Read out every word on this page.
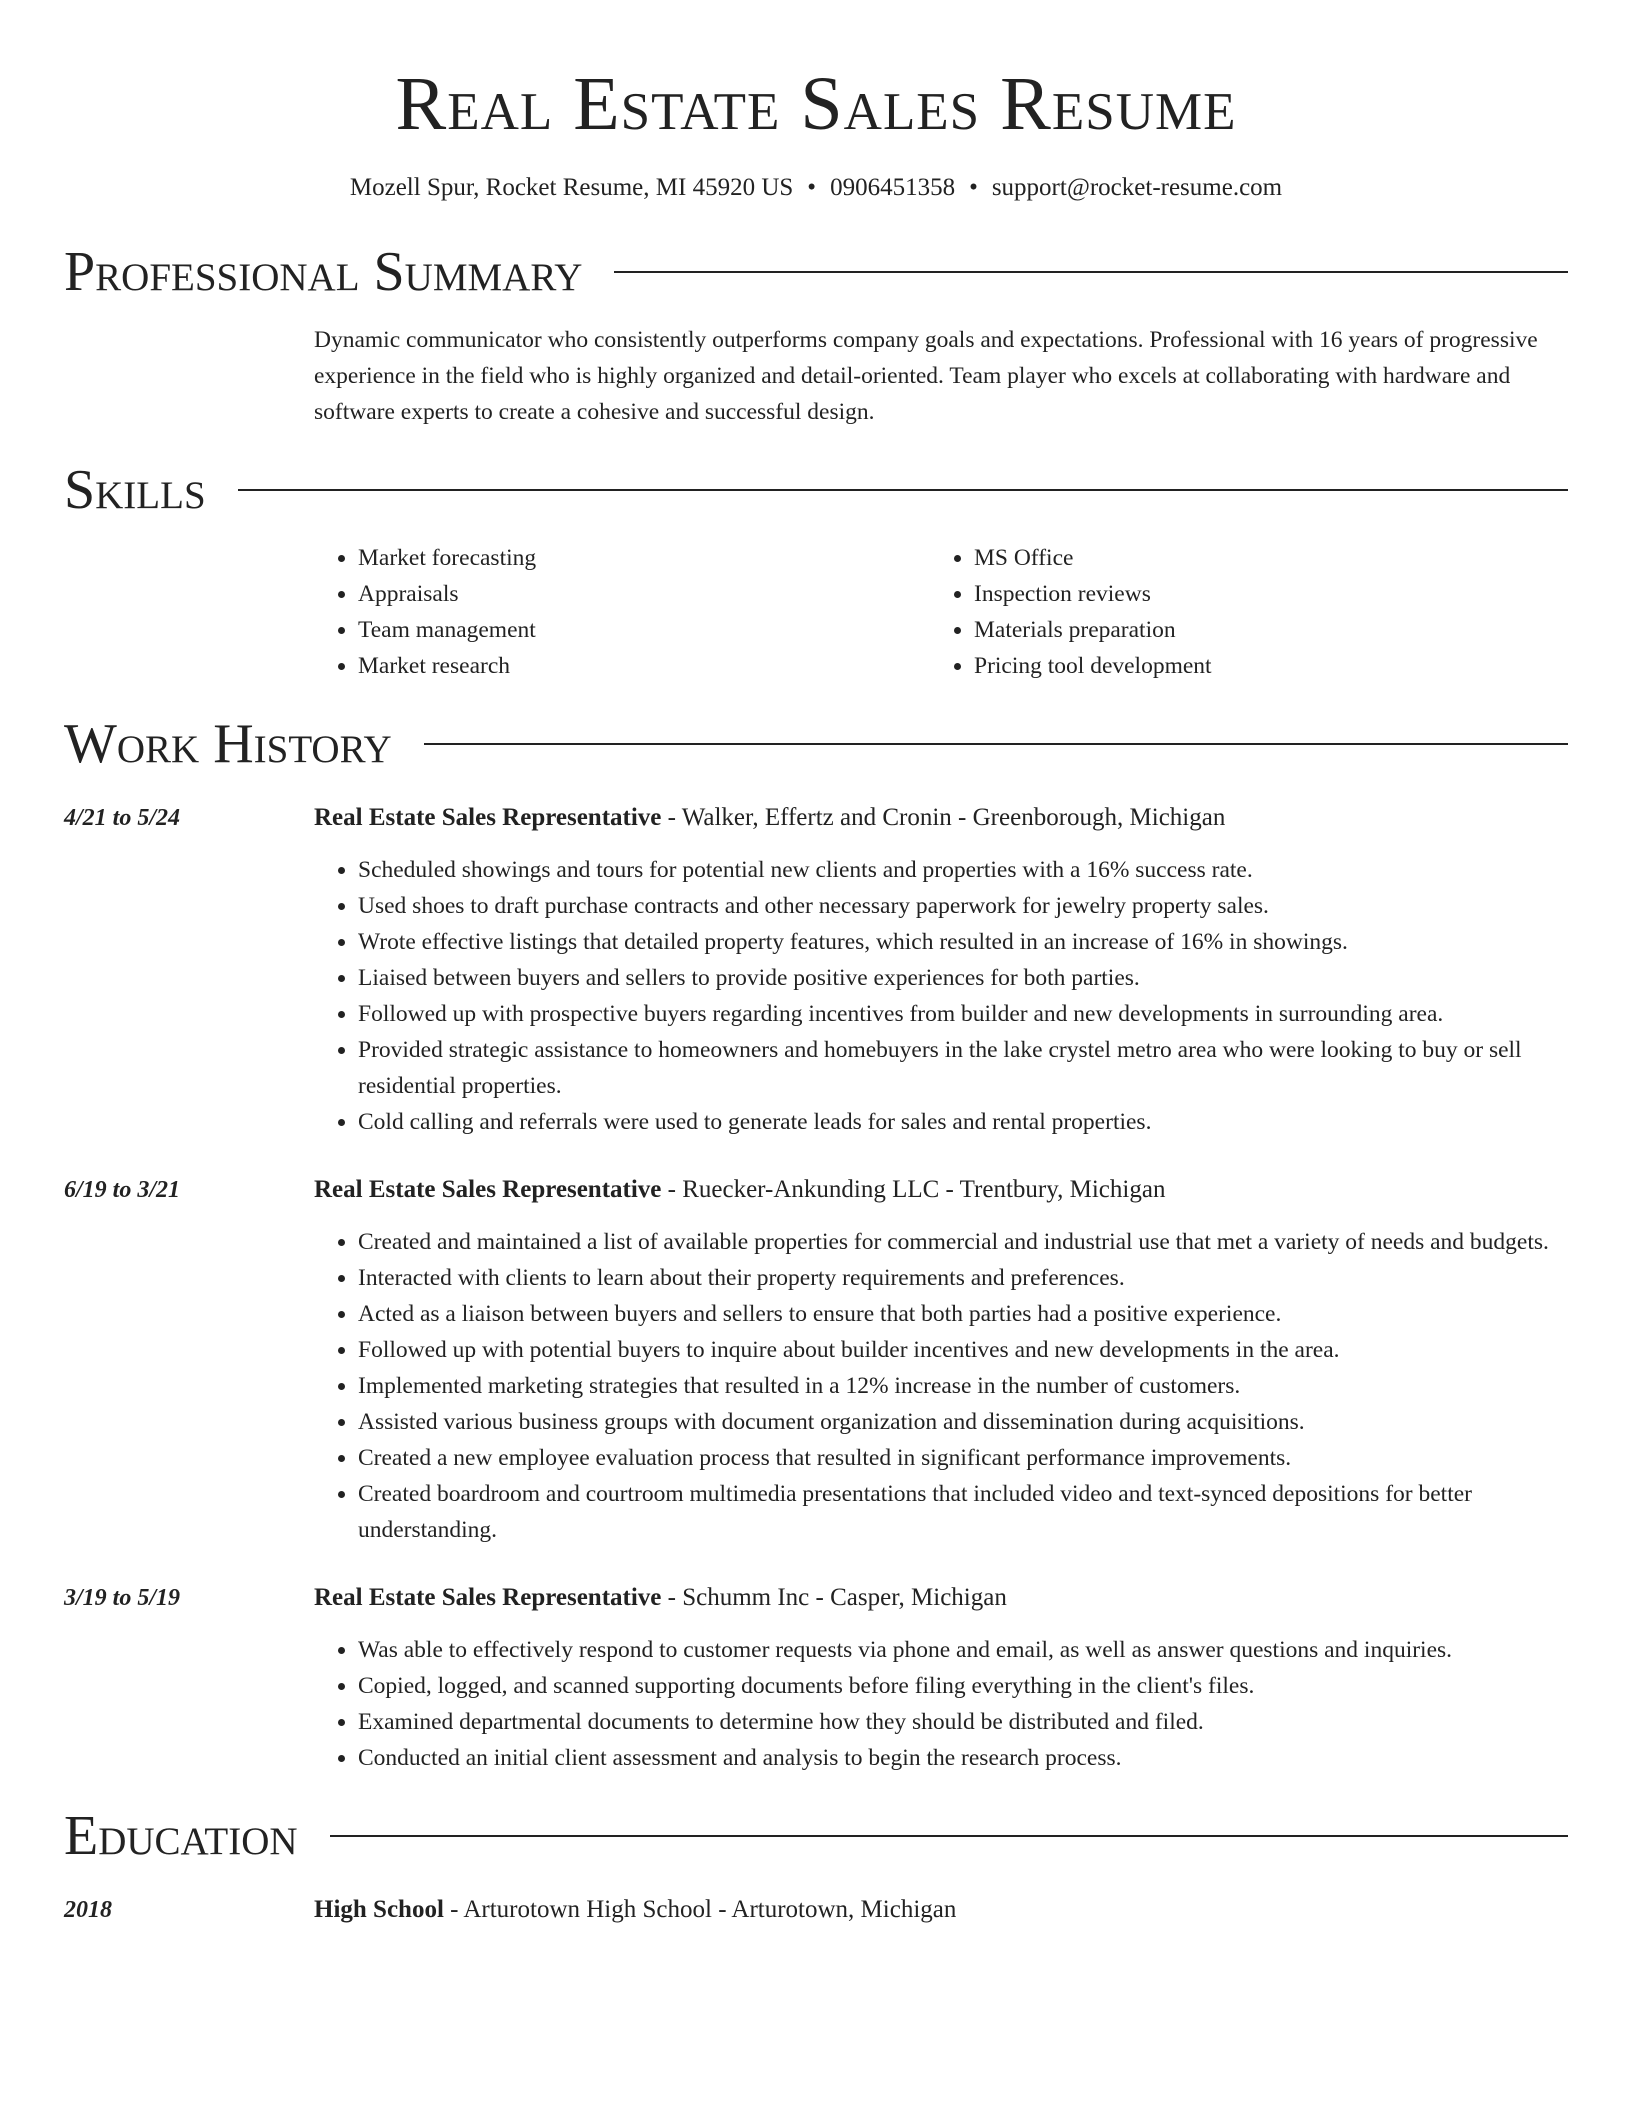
Real Estate Sales Resume
Mozell Spur, Rocket Resume, MI 45920 US • 0906451358 • support@rocket-resume.com
Professional Summary
Dynamic communicator who consistently outperforms company goals and expectations. Professional with 16 years of progressive experience in the field who is highly organized and detail-oriented. Team player who excels at collaborating with hardware and software experts to create a cohesive and successful design.
Skills
• Market forecasting
• Appraisals
• Team management
• Market research
• MS Office
• Inspection reviews
• Materials preparation
• Pricing tool development
Work History
4/21 to 5/24	Real Estate Sales Representative - Walker, Effertz and Cronin - Greenborough, Michigan
• Scheduled showings and tours for potential new clients and properties with a 16% success rate.
• Used shoes to draft purchase contracts and other necessary paperwork for jewelry property sales.
• Wrote effective listings that detailed property features, which resulted in an increase of 16% in showings.
• Liaised between buyers and sellers to provide positive experiences for both parties.
• Followed up with prospective buyers regarding incentives from builder and new developments in surrounding area.
• Provided strategic assistance to homeowners and homebuyers in the lake crystel metro area who were looking to buy or sell residential properties.
• Cold calling and referrals were used to generate leads for sales and rental properties.
6/19 to 3/21	Real Estate Sales Representative - Ruecker-Ankunding LLC - Trentbury, Michigan
• Created and maintained a list of available properties for commercial and industrial use that met a variety of needs and budgets.
• Interacted with clients to learn about their property requirements and preferences.
• Acted as a liaison between buyers and sellers to ensure that both parties had a positive experience.
• Followed up with potential buyers to inquire about builder incentives and new developments in the area.
• Implemented marketing strategies that resulted in a 12% increase in the number of customers.
• Assisted various business groups with document organization and dissemination during acquisitions.
• Created a new employee evaluation process that resulted in significant performance improvements.
• Created boardroom and courtroom multimedia presentations that included video and text-synced depositions for better understanding.
3/19 to 5/19	Real Estate Sales Representative - Schumm Inc - Casper, Michigan
• Was able to effectively respond to customer requests via phone and email, as well as answer questions and inquiries.
• Copied, logged, and scanned supporting documents before filing everything in the client's files.
• Examined departmental documents to determine how they should be distributed and filed.
• Conducted an initial client assessment and analysis to begin the research process.
Education
2018	High School - Arturotown High School - Arturotown, Michigan
